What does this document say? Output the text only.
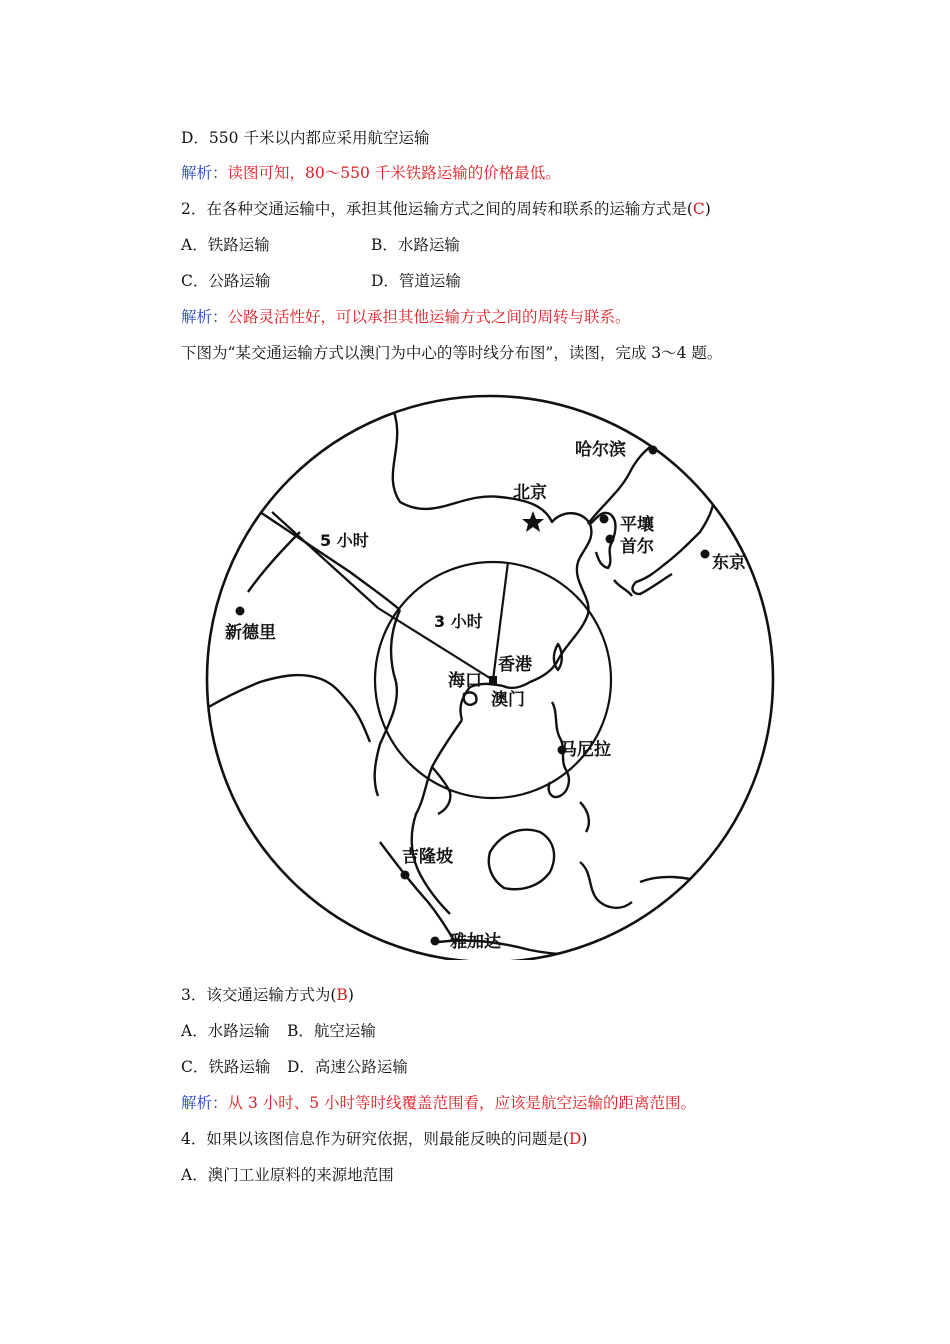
D．550 千米以内都应采用航空运输
解析：读图可知，80～550 千米铁路运输的价格最低。
2．在各种交通运输中，承担其他运输方式之间的周转和联系的运输方式是(C)
A．铁路运输	B．水路运输
C．公路运输	D．管道运输
解析：公路灵活性好，可以承担其他运输方式之间的周转与联系。
下图为“某交通运输方式以澳门为中心的等时线分布图”，读图，完成 3～4 题。
哈尔滨
北京
平壤
首尔
东京
新德里
香港
海口
澳门
马尼拉
吉隆坡
雅加达
5 小时
3 小时
3．该交通运输方式为(B)
A．水路运输 B．航空运输
C．铁路运输 D．高速公路运输
解析：从 3 小时、5 小时等时线覆盖范围看，应该是航空运输的距离范围。
4．如果以该图信息作为研究依据，则最能反映的问题是(D)
A．澳门工业原料的来源地范围
